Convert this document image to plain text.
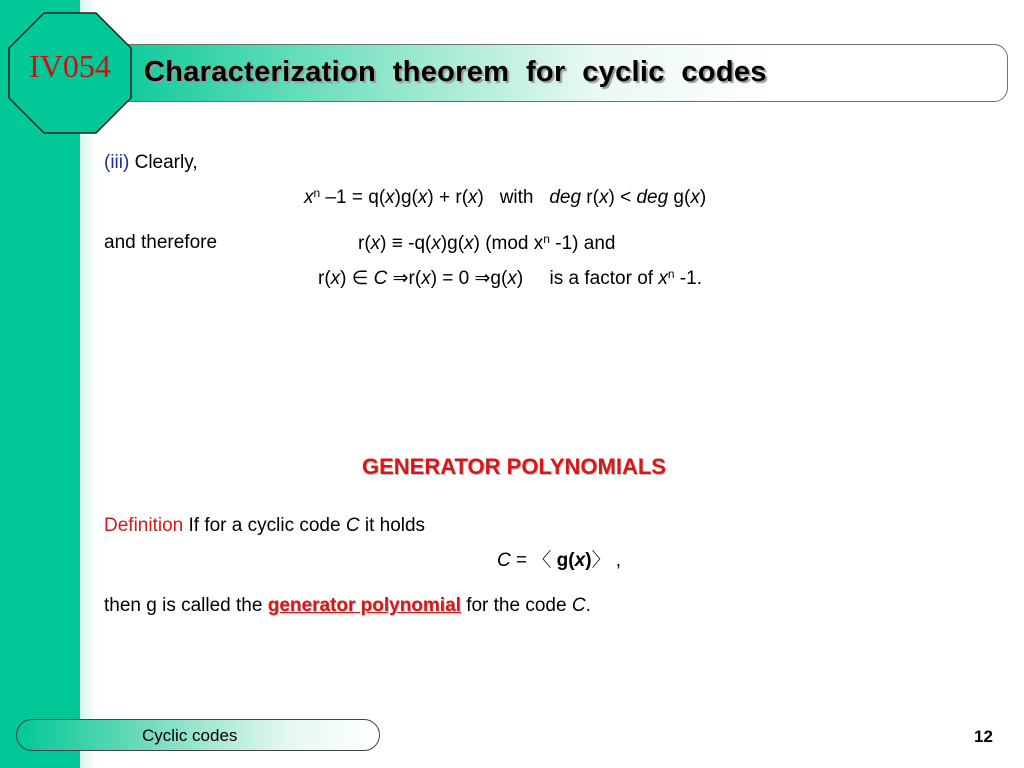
IV054	Characterization  theorem  for  cyclic  codes
(iii) Clearly,
$x^n$ –1 = q(x)g(x) + r(x)   with   deg r(x) < deg g(x)
and therefore	r(x) ≡ -q(x)g(x) (mod $x^n$ -1) and
r(x) ∈ C ⇒r(x) = 0 ⇒g(x)     is a factor of $x^n$ -1.
GENERATOR POLYNOMIALS
Definition If for a cyclic code C it holds
C = 〈 g(x)〉 ,
then g is called the generator polynomial for the code C.
Cyclic codes	12
